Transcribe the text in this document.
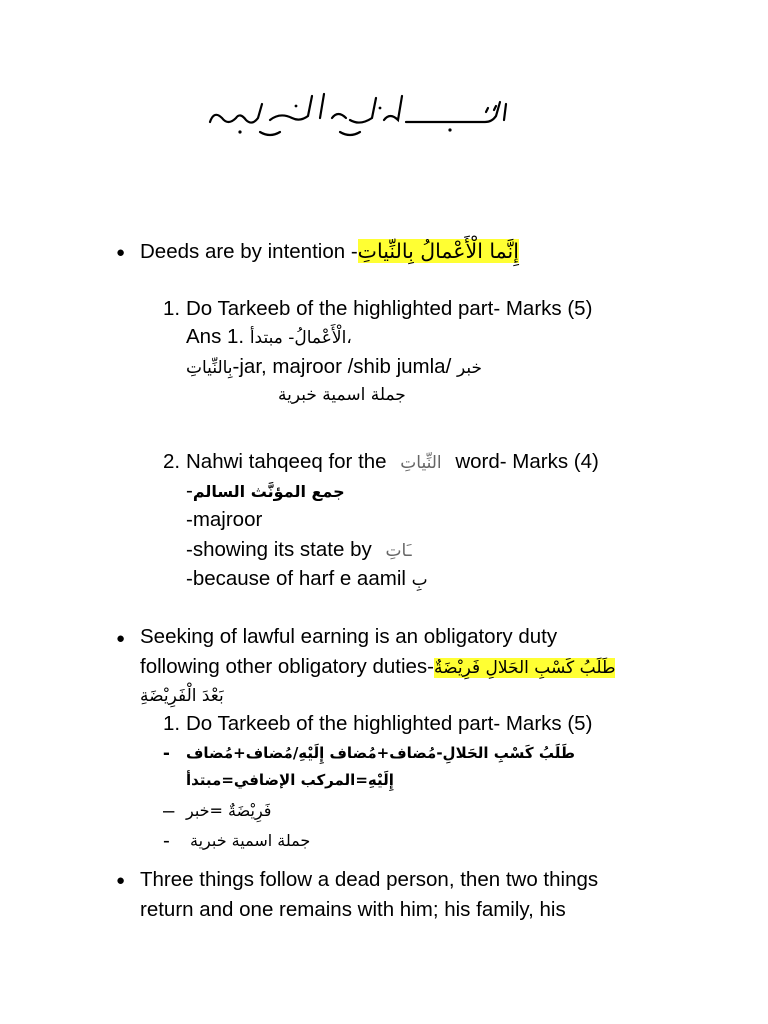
● Deeds are by intention -إِنَّما الْأَعْمالُ بِالنِّياتِ
1. Do Tarkeeb of the highlighted part- Marks (5)
Ans 1. الْأَعْمالُ- مبتدأ،
بِالنِّياتِ-jar, majroor /shib jumla/ خبر
جملة اسمية خبرية
2. Nahwi tahqeeq for the النِّياتِ word- Marks (4)
-جمع المؤنَّث السالم
-majroor
-showing its state by ـَاتِ
-because of harf e aamil بِ
● Seeking of lawful earning is an obligatory duty
following other obligatory duties-طَلَبُ كَسْبِ الحَلالِ فَرِيْضَةٌ
بَعْدَ الْفَرِيْضَةِ
1. Do Tarkeeb of the highlighted part- Marks (5)
- طَلَبُ كَسْبِ الحَلالِ-مُضاف+مُضاف إِلَيْهِ/مُضاف+مُضاف
إِلَيْهِ=المركب الإضافي=مبتدأ
– فَرِيْضَةٌ =خبر
- جملة اسمية خبرية
● Three things follow a dead person, then two things
return and one remains with him; his family, his
